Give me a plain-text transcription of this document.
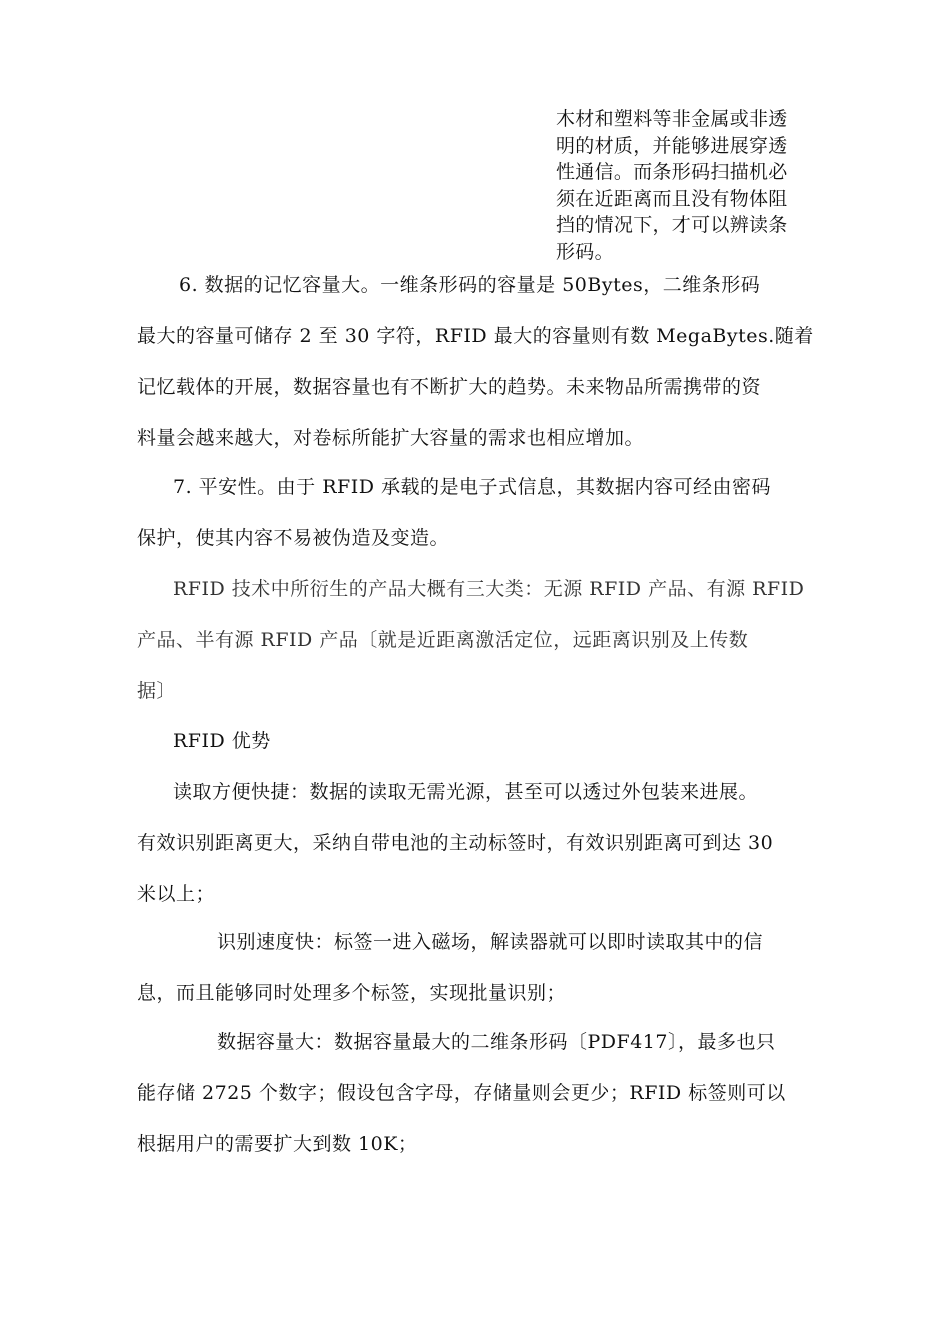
木材和塑料等非金属或非透
明的材质，并能够进展穿透
性通信。而条形码扫描机必
须在近距离而且没有物体阻
挡的情况下，才可以辨读条
形码。

6. 数据的记忆容量大。一维条形码的容量是 50Bytes，二维条形码
最大的容量可储存 2 至 30 字符，RFID 最大的容量则有数 MegaBytes.随着
记忆载体的开展，数据容量也有不断扩大的趋势。未来物品所需携带的资
料量会越来越大，对卷标所能扩大容量的需求也相应增加。

7. 平安性。由于 RFID 承载的是电子式信息，其数据内容可经由密码
保护，使其内容不易被伪造及变造。

RFID 技术中所衍生的产品大概有三大类：无源 RFID 产品、有源 RFID
产品、半有源 RFID 产品〔就是近距离激活定位，远距离识别及上传数
据〕

RFID 优势

读取方便快捷：数据的读取无需光源，甚至可以透过外包装来进展。
有效识别距离更大，采纳自带电池的主动标签时，有效识别距离可到达 30
米以上；

识别速度快：标签一进入磁场，解读器就可以即时读取其中的信
息，而且能够同时处理多个标签，实现批量识别；

数据容量大：数据容量最大的二维条形码〔PDF417〕，最多也只
能存储 2725 个数字；假设包含字母，存储量则会更少；RFID 标签则可以
根据用户的需要扩大到数 10K；
